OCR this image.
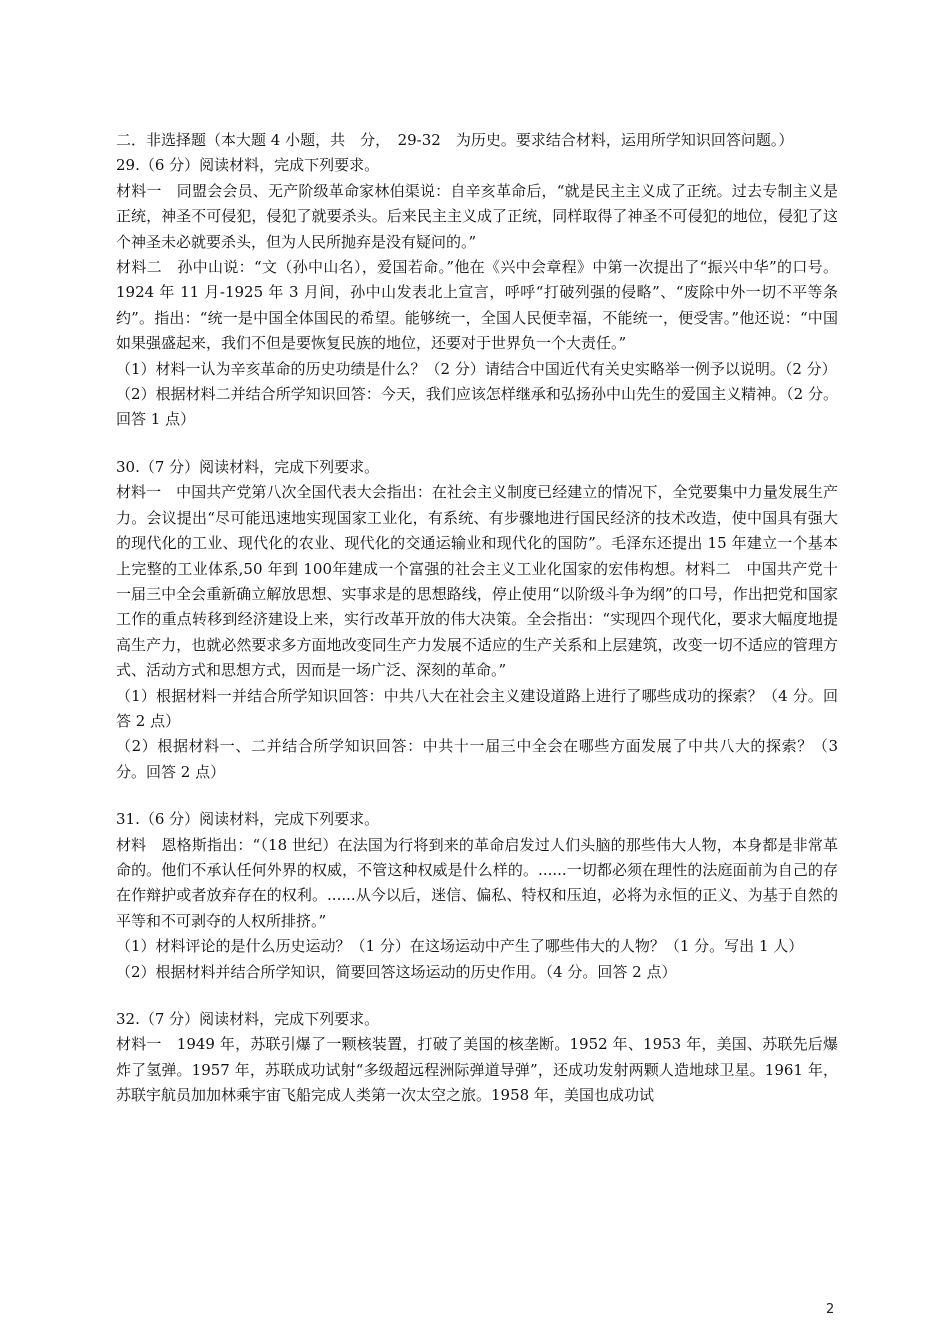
二．非选择题（本大题 4 小题，共　分，　29-32　为历史。要求结合材料，运用所学知识回答问题。）

29.（6 分）阅读材料，完成下列要求。

材料一　同盟会会员、无产阶级革命家林伯渠说：自辛亥革命后，“就是民主主义成了正统。过去专制主义是正统，神圣不可侵犯，侵犯了就要杀头。后来民主主义成了正统，同样取得了神圣不可侵犯的地位，侵犯了这个神圣未必就要杀头，但为人民所抛弃是没有疑问的。”

材料二　孙中山说：“文（孙中山名），爱国若命。”他在《兴中会章程》中第一次提出了“振兴中华”的口号。1924 年 11 月-1925 年 3 月间，孙中山发表北上宣言，呼呼“打破列强的侵略”、“废除中外一切不平等条约”。指出：“统一是中国全体国民的希望。能够统一，全国人民便幸福，不能统一，便受害。”他还说：“中国如果强盛起来，我们不但是要恢复民族的地位，还要对于世界负一个大责任。”

（1）材料一认为辛亥革命的历史功绩是什么？（2 分）请结合中国近代有关史实略举一例予以说明。（2 分）

（2）根据材料二并结合所学知识回答：今天，我们应该怎样继承和弘扬孙中山先生的爱国主义精神。（2 分。回答 1 点）

30.（7 分）阅读材料，完成下列要求。

材料一　中国共产党第八次全国代表大会指出：在社会主义制度已经建立的情况下，全党要集中力量发展生产力。会议提出“尽可能迅速地实现国家工业化，有系统、有步骤地进行国民经济的技术改造，使中国具有强大的现代化的工业、现代化的农业、现代化的交通运输业和现代化的国防”。毛泽东还提出 15 年建立一个基本上完整的工业体系,50 年到 100年建成一个富强的社会主义工业化国家的宏伟构想。材料二　中国共产党十一届三中全会重新确立解放思想、实事求是的思想路线，停止使用“以阶级斗争为纲”的口号，作出把党和国家工作的重点转移到经济建设上来，实行改革开放的伟大决策。全会指出：“实现四个现代化，要求大幅度地提高生产力，也就必然要求多方面地改变同生产力发展不适应的生产关系和上层建筑，改变一切不适应的管理方式、活动方式和思想方式，因而是一场广泛、深刻的革命。”

（1）根据材料一并结合所学知识回答：中共八大在社会主义建设道路上进行了哪些成功的探索？（4 分。回答 2 点）

（2）根据材料一、二并结合所学知识回答：中共十一届三中全会在哪些方面发展了中共八大的探索？（3 分。回答 2 点）

31.（6 分）阅读材料，完成下列要求。

材料　恩格斯指出：“（18 世纪）在法国为行将到来的革命启发过人们头脑的那些伟大人物，本身都是非常革命的。他们不承认任何外界的权威，不管这种权威是什么样的。......一切都必须在理性的法庭面前为自己的存在作辩护或者放弃存在的权利。......从今以后，迷信、偏私、特权和压迫，必将为永恒的正义、为基于自然的平等和不可剥夺的人权所排挤。”

（1）材料评论的是什么历史运动？（1 分）在这场运动中产生了哪些伟大的人物？（1 分。写出 1 人）

（2）根据材料并结合所学知识，简要回答这场运动的历史作用。（4 分。回答 2 点）

32.（7 分）阅读材料，完成下列要求。

材料一　1949 年，苏联引爆了一颗核装置，打破了美国的核垄断。1952 年、1953 年，美国、苏联先后爆炸了氢弹。1957 年，苏联成功试射“多级超远程洲际弹道导弹”，还成功发射两颗人造地球卫星。1961 年，苏联宇航员加加林乘宇宙飞船完成人类第一次太空之旅。1958 年，美国也成功试

2
